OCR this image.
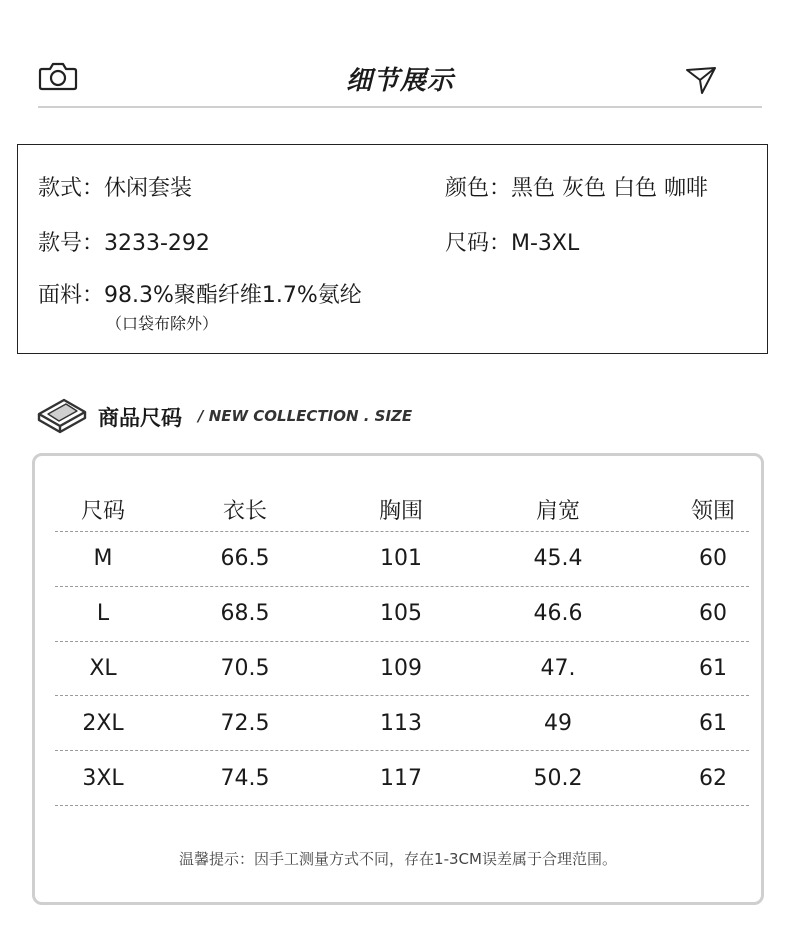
细节展示
款式：休闲套装	颜色：黑色 灰色 白色 咖啡
款号：3233-292	尺码：M-3XL
面料：98.3%聚酯纤维1.7%氨纶
（口袋布除外）
商品尺码 / NEW COLLECTION . SIZE
尺码	衣长	胸围	肩宽	领围
M	66.5	101	45.4	60
L	68.5	105	46.6	60
XL	70.5	109	47.	61
2XL	72.5	113	49	61
3XL	74.5	117	50.2	62
温馨提示：因手工测量方式不同，存在1-3CM误差属于合理范围。
